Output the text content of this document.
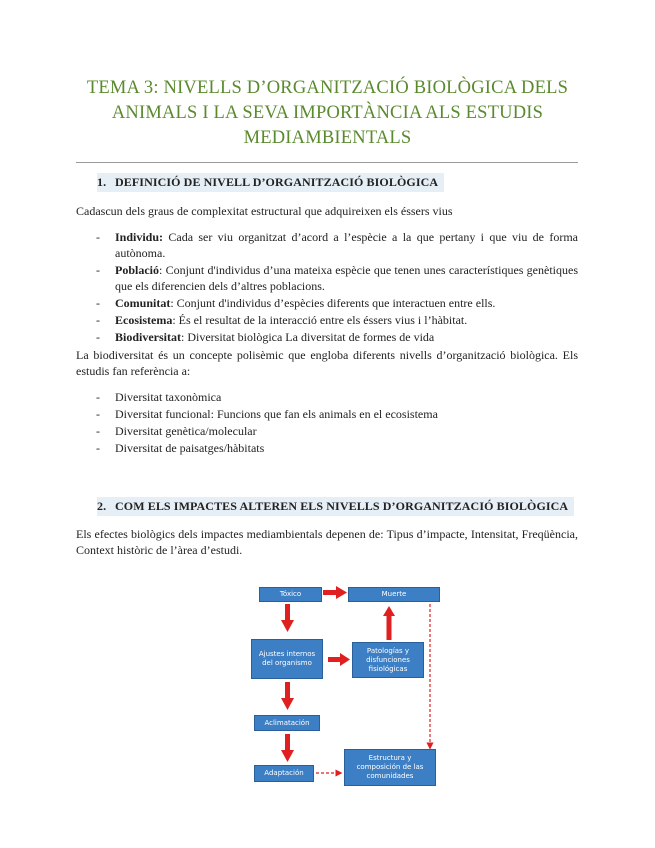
TEMA 3: NIVELLS D’ORGANITZACIÓ BIOLÒGICA DELS
ANIMALS I LA SEVA IMPORTÀNCIA ALS ESTUDIS
MEDIAMBIENTALS
1. DEFINICIÓ DE NIVELL D’ORGANITZACIÓ BIOLÒGICA
Cadascun dels graus de complexitat estructural que adquireixen els éssers vius
- Individu: Cada ser viu organitzat d’acord a l’espècie a la que pertany i que viu de forma autònoma.
- Població: Conjunt d'individus d’una mateixa espècie que tenen unes característiques genètiques que els diferencien dels d’altres poblacions.
- Comunitat: Conjunt d'individus d’espècies diferents que interactuen entre ells.
- Ecosistema: És el resultat de la interacció entre els éssers vius i l’hàbitat.
- Biodiversitat: Diversitat biològica La diversitat de formes de vida
La biodiversitat és un concepte polisèmic que engloba diferents nivells d’organització biològica. Els estudis fan referència a:
- Diversitat taxonòmica
- Diversitat funcional: Funcions que fan els animals en el ecosistema
- Diversitat genètica/molecular
- Diversitat de paisatges/hàbitats
2. COM ELS IMPACTES ALTEREN ELS NIVELLS D’ORGANITZACIÓ BIOLÒGICA
Els efectes biològics dels impactes mediambientals depenen de: Tipus d’impacte, Intensitat, Freqüència, Context històric de l’àrea d’estudi.
Tóxico	Muerte
Ajustes internos del organismo
Patologías y disfunciones fisiológicas
Aclimatación
Adaptación
Estructura y composición de las comunidades
